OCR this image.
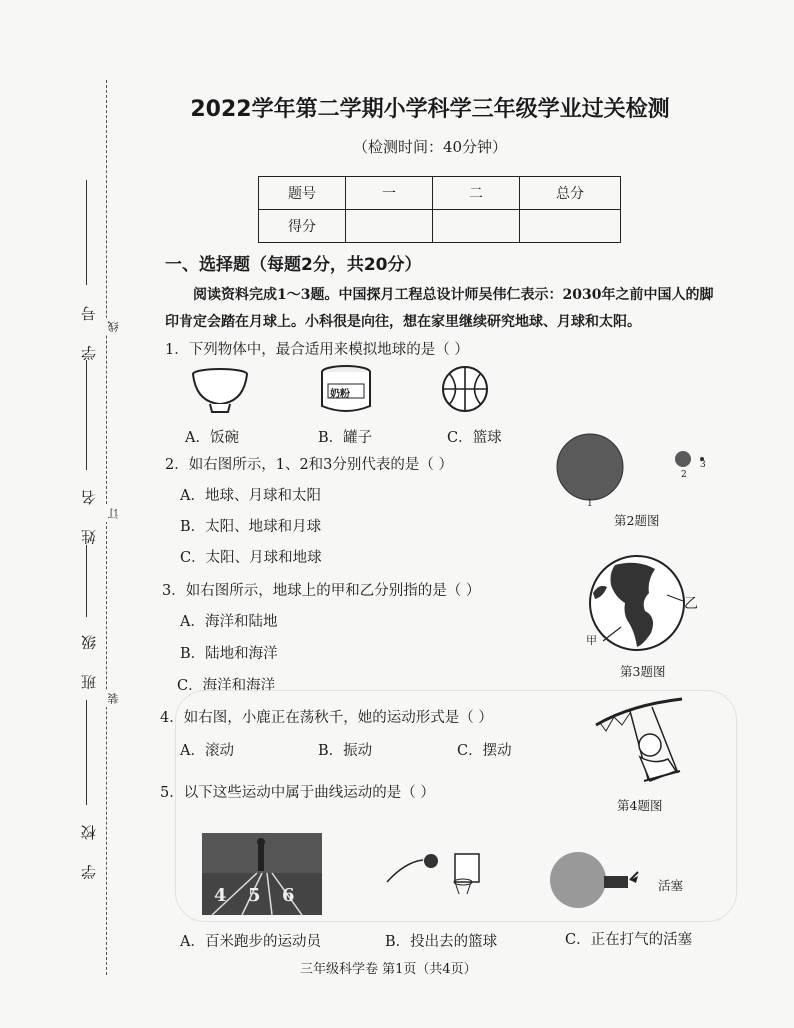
线
订
装
学 号
姓 名
班 级
学 校
2022学年第二学期小学科学三年级学业过关检测
（检测时间：40分钟）
题号	一	二	总分
得分			
一、选择题（每题2分，共20分）
阅读资料完成1～3题。中国探月工程总设计师吴伟仁表示：2030年之前中国人的脚印肯定会踏在月球上。小科很是向往，想在家里继续研究地球、月球和太阳。
1．下列物体中，最合适用来模拟地球的是（ ）
奶粉
A．饭碗	B．罐子	C．篮球
2．如右图所示，1、2和3分别代表的是（ ）
A．地球、月球和太阳
B．太阳、地球和月球
C．太阳、月球和地球
1
2
3
第2题图
3．如右图所示，地球上的甲和乙分别指的是（ ）
A．海洋和陆地
B．陆地和海洋
C．海洋和海洋
甲
乙
第3题图
4．如右图，小鹿正在荡秋千，她的运动形式是（ ）
A．滚动	B．振动	C．摆动
第4题图
5．以下这些运动中属于曲线运动的是（ ）
4 5 6	活塞
A．百米跑步的运动员	B．投出去的篮球	C．正在打气的活塞
三年级科学卷 第1页（共4页）
